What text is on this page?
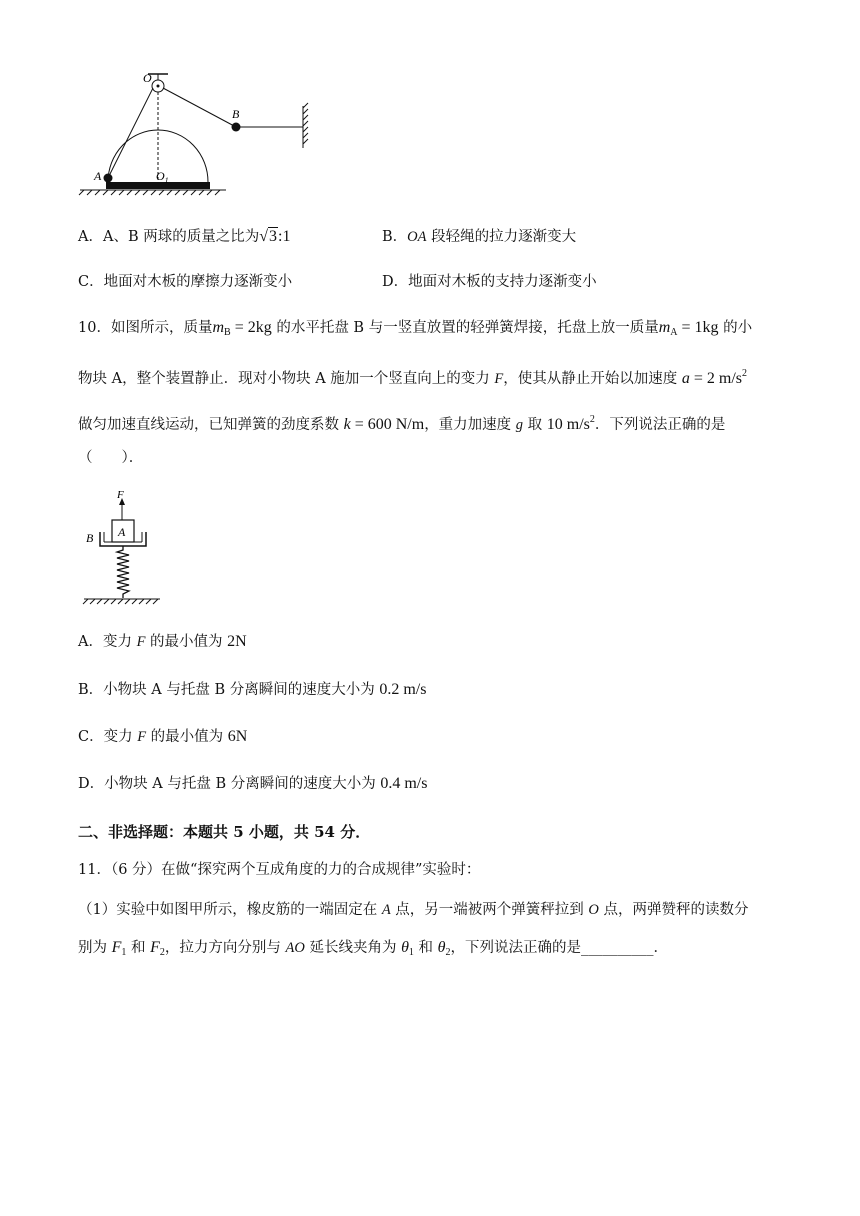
O
B
A	$O_1$
A．A、B 两球的质量之比为√3:1	B．OA 段轻绳的拉力逐渐变大
C．地面对木板的摩擦力逐渐变小	D．地面对木板的支持力逐渐变小
10．如图所示，质量$m_B = 2kg$ 的水平托盘 B 与一竖直放置的轻弹簧焊接，托盘上放一质量$m_A = 1kg$ 的小
物块 A，整个装置静止．现对小物块 A 施加一个竖直向上的变力 F，使其从静止开始以加速度 a = 2 $m/s^2$
做匀加速直线运动，已知弹簧的劲度系数 k = 600 N/m，重力加速度 g 取 10 $m/s^2$．下列说法正确的是
（　　）．
F
A
B
A．变力 F 的最小值为 2N
B．小物块 A 与托盘 B 分离瞬间的速度大小为 0.2 m/s
C．变力 F 的最小值为 6N
D．小物块 A 与托盘 B 分离瞬间的速度大小为 0.4 m/s
二、非选择题：本题共 5 小题，共 54 分．
11．（6 分）在做“探究两个互成角度的力的合成规律”实验时：
（1）实验中如图甲所示，橡皮筋的一端固定在 A 点，另一端被两个弹簧秤拉到 O 点，两弹赞秤的读数分
别为 $F_1$ 和 $F_2$，拉力方向分别与 AO 延长线夹角为 $\theta_1$ 和 $\theta_2$，下列说法正确的是__________．
